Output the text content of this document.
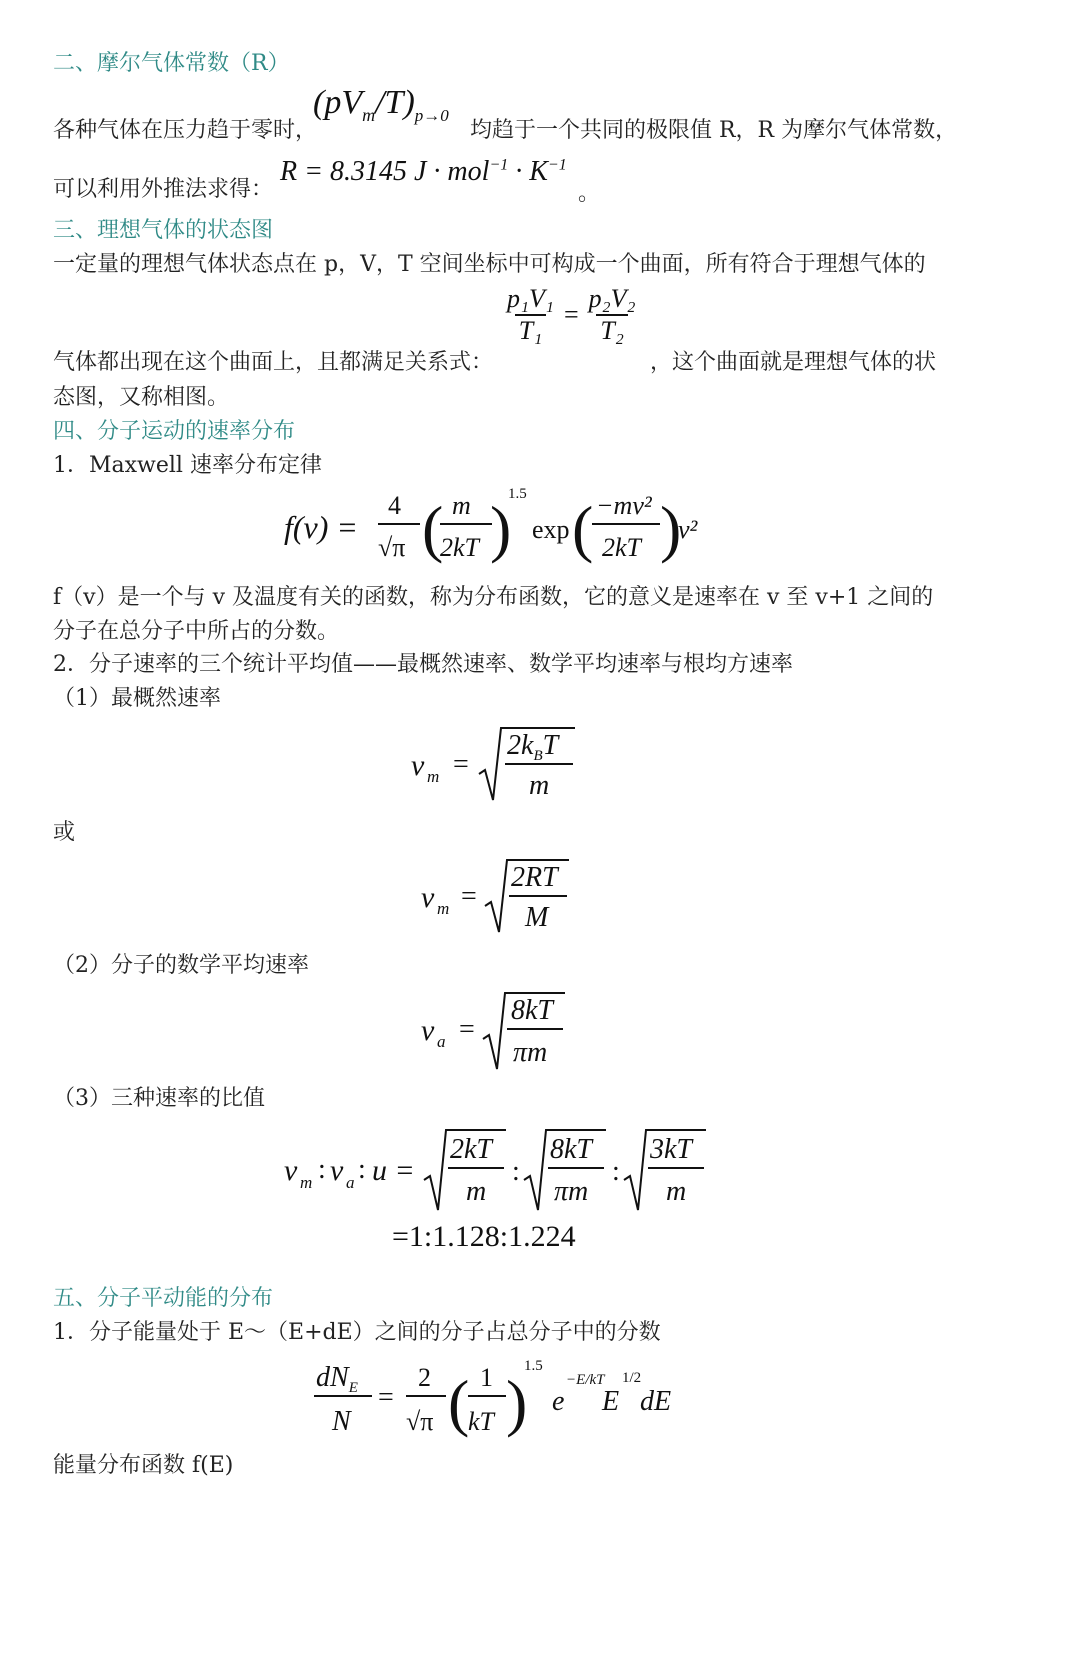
二、摩尔气体常数（R）
各种气体在压力趋于零时，
$(pV_m/T)_{p\to 0}$
均趋于一个共同的极限值 R，R 为摩尔气体常数，
可以利用外推法求得：
R = 8.3145 $J \cdot mol^{-1} \cdot K^{-1}$
。
三、理想气体的状态图
一定量的理想气体状态点在 p，V，T 空间坐标中可构成一个曲面，所有符合于理想气体的
$\frac{\text{p₁V₁}}{\text{T₁}} = \frac{\text{p₂V₂}}{\text{T₂}}$
气体都出现在这个曲面上，且都满足关系式：	，这个曲面就是理想气体的状
态图，又称相图。
四、分子运动的速率分布
1．Maxwell 速率分布定律
f(v) =
4
√π ( m
2kT )
1.5
exp ( −mv²
2kT )
v²
f（v）是一个与 v 及温度有关的函数，称为分布函数，它的意义是速率在 v 至 v+1 之间的
分子在总分子中所占的分数。
2．分子速率的三个统计平均值——最概然速率、数学平均速率与根均方速率
（1）最概然速率
v m =
$2k_BT$
m
或
v m =
2RT
M
（2）分子的数学平均速率
v a =
8kT
πm
（3）三种速率的比值
v m : v a : u =
2kT
m
:
8kT
πm
:
3kT
m
=1:1.128:1.224
五、分子平动能的分布
1．分子能量处于 E～（E+dE）之间的分子占总分子中的分数
$dN_E$
N
=
2
√π ( 1
kT )
1.5
e
−E/kT
E
1/2
dE
能量分布函数 f(E)
